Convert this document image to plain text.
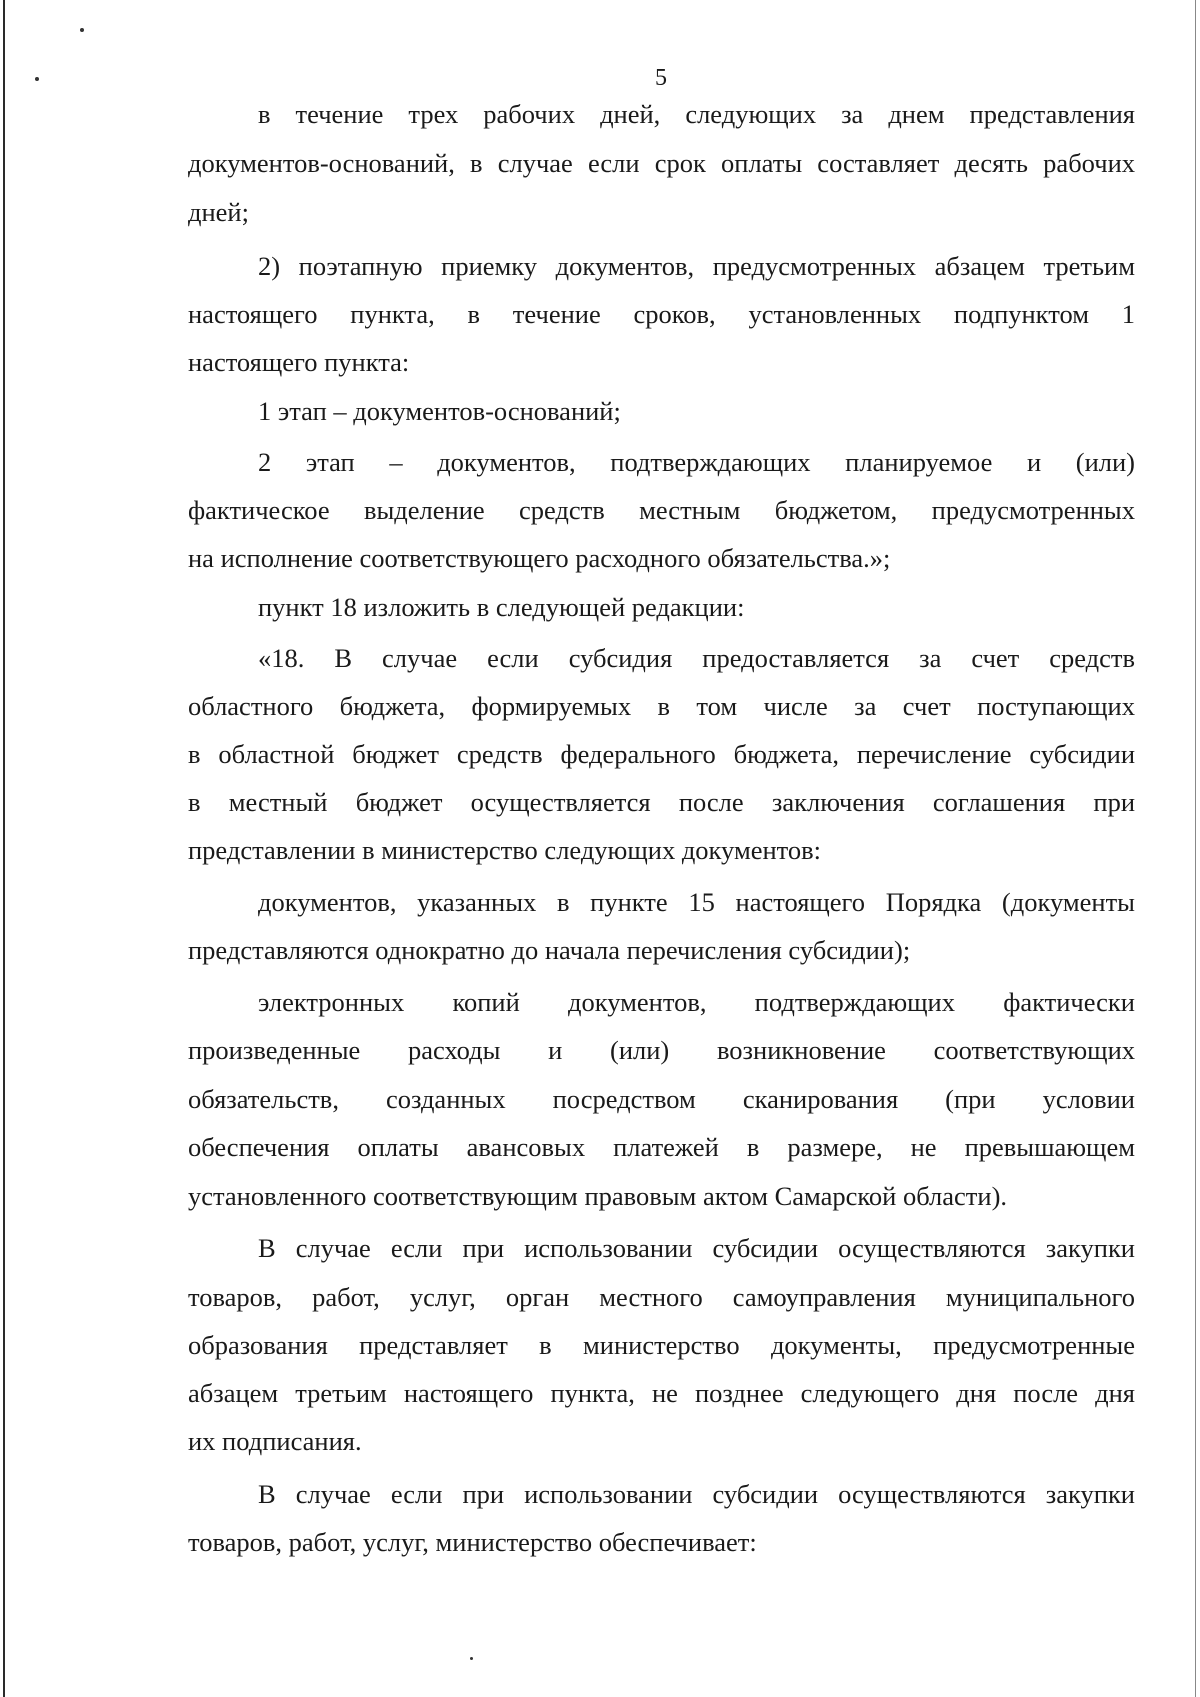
5

в течение трех рабочих дней, следующих за днем представления

документов-оснований, в случае если срок оплаты составляет десять рабочих

дней;

2) поэтапную приемку документов, предусмотренных абзацем третьим

настоящего пункта, в течение сроков, установленных подпунктом 1

настоящего пункта:

1 этап – документов-оснований;

2 этап – документов, подтверждающих планируемое и (или)

фактическое выделение средств местным бюджетом, предусмотренных

на исполнение соответствующего расходного обязательства.»;

пункт 18 изложить в следующей редакции:

«18. В случае если субсидия предоставляется за счет средств

областного бюджета, формируемых в том числе за счет поступающих

в областной бюджет средств федерального бюджета, перечисление субсидии

в местный бюджет осуществляется после заключения соглашения при

представлении в министерство следующих документов:

документов, указанных в пункте 15 настоящего Порядка (документы

представляются однократно до начала перечисления субсидии);

электронных копий документов, подтверждающих фактически

произведенные расходы и (или) возникновение соответствующих

обязательств, созданных посредством сканирования (при условии

обеспечения оплаты авансовых платежей в размере, не превышающем

установленного соответствующим правовым актом Самарской области).

В случае если при использовании субсидии осуществляются закупки

товаров, работ, услуг, орган местного самоуправления муниципального

образования представляет в министерство документы, предусмотренные

абзацем третьим настоящего пункта, не позднее следующего дня после дня

их подписания.

В случае если при использовании субсидии осуществляются закупки

товаров, работ, услуг, министерство обеспечивает:
